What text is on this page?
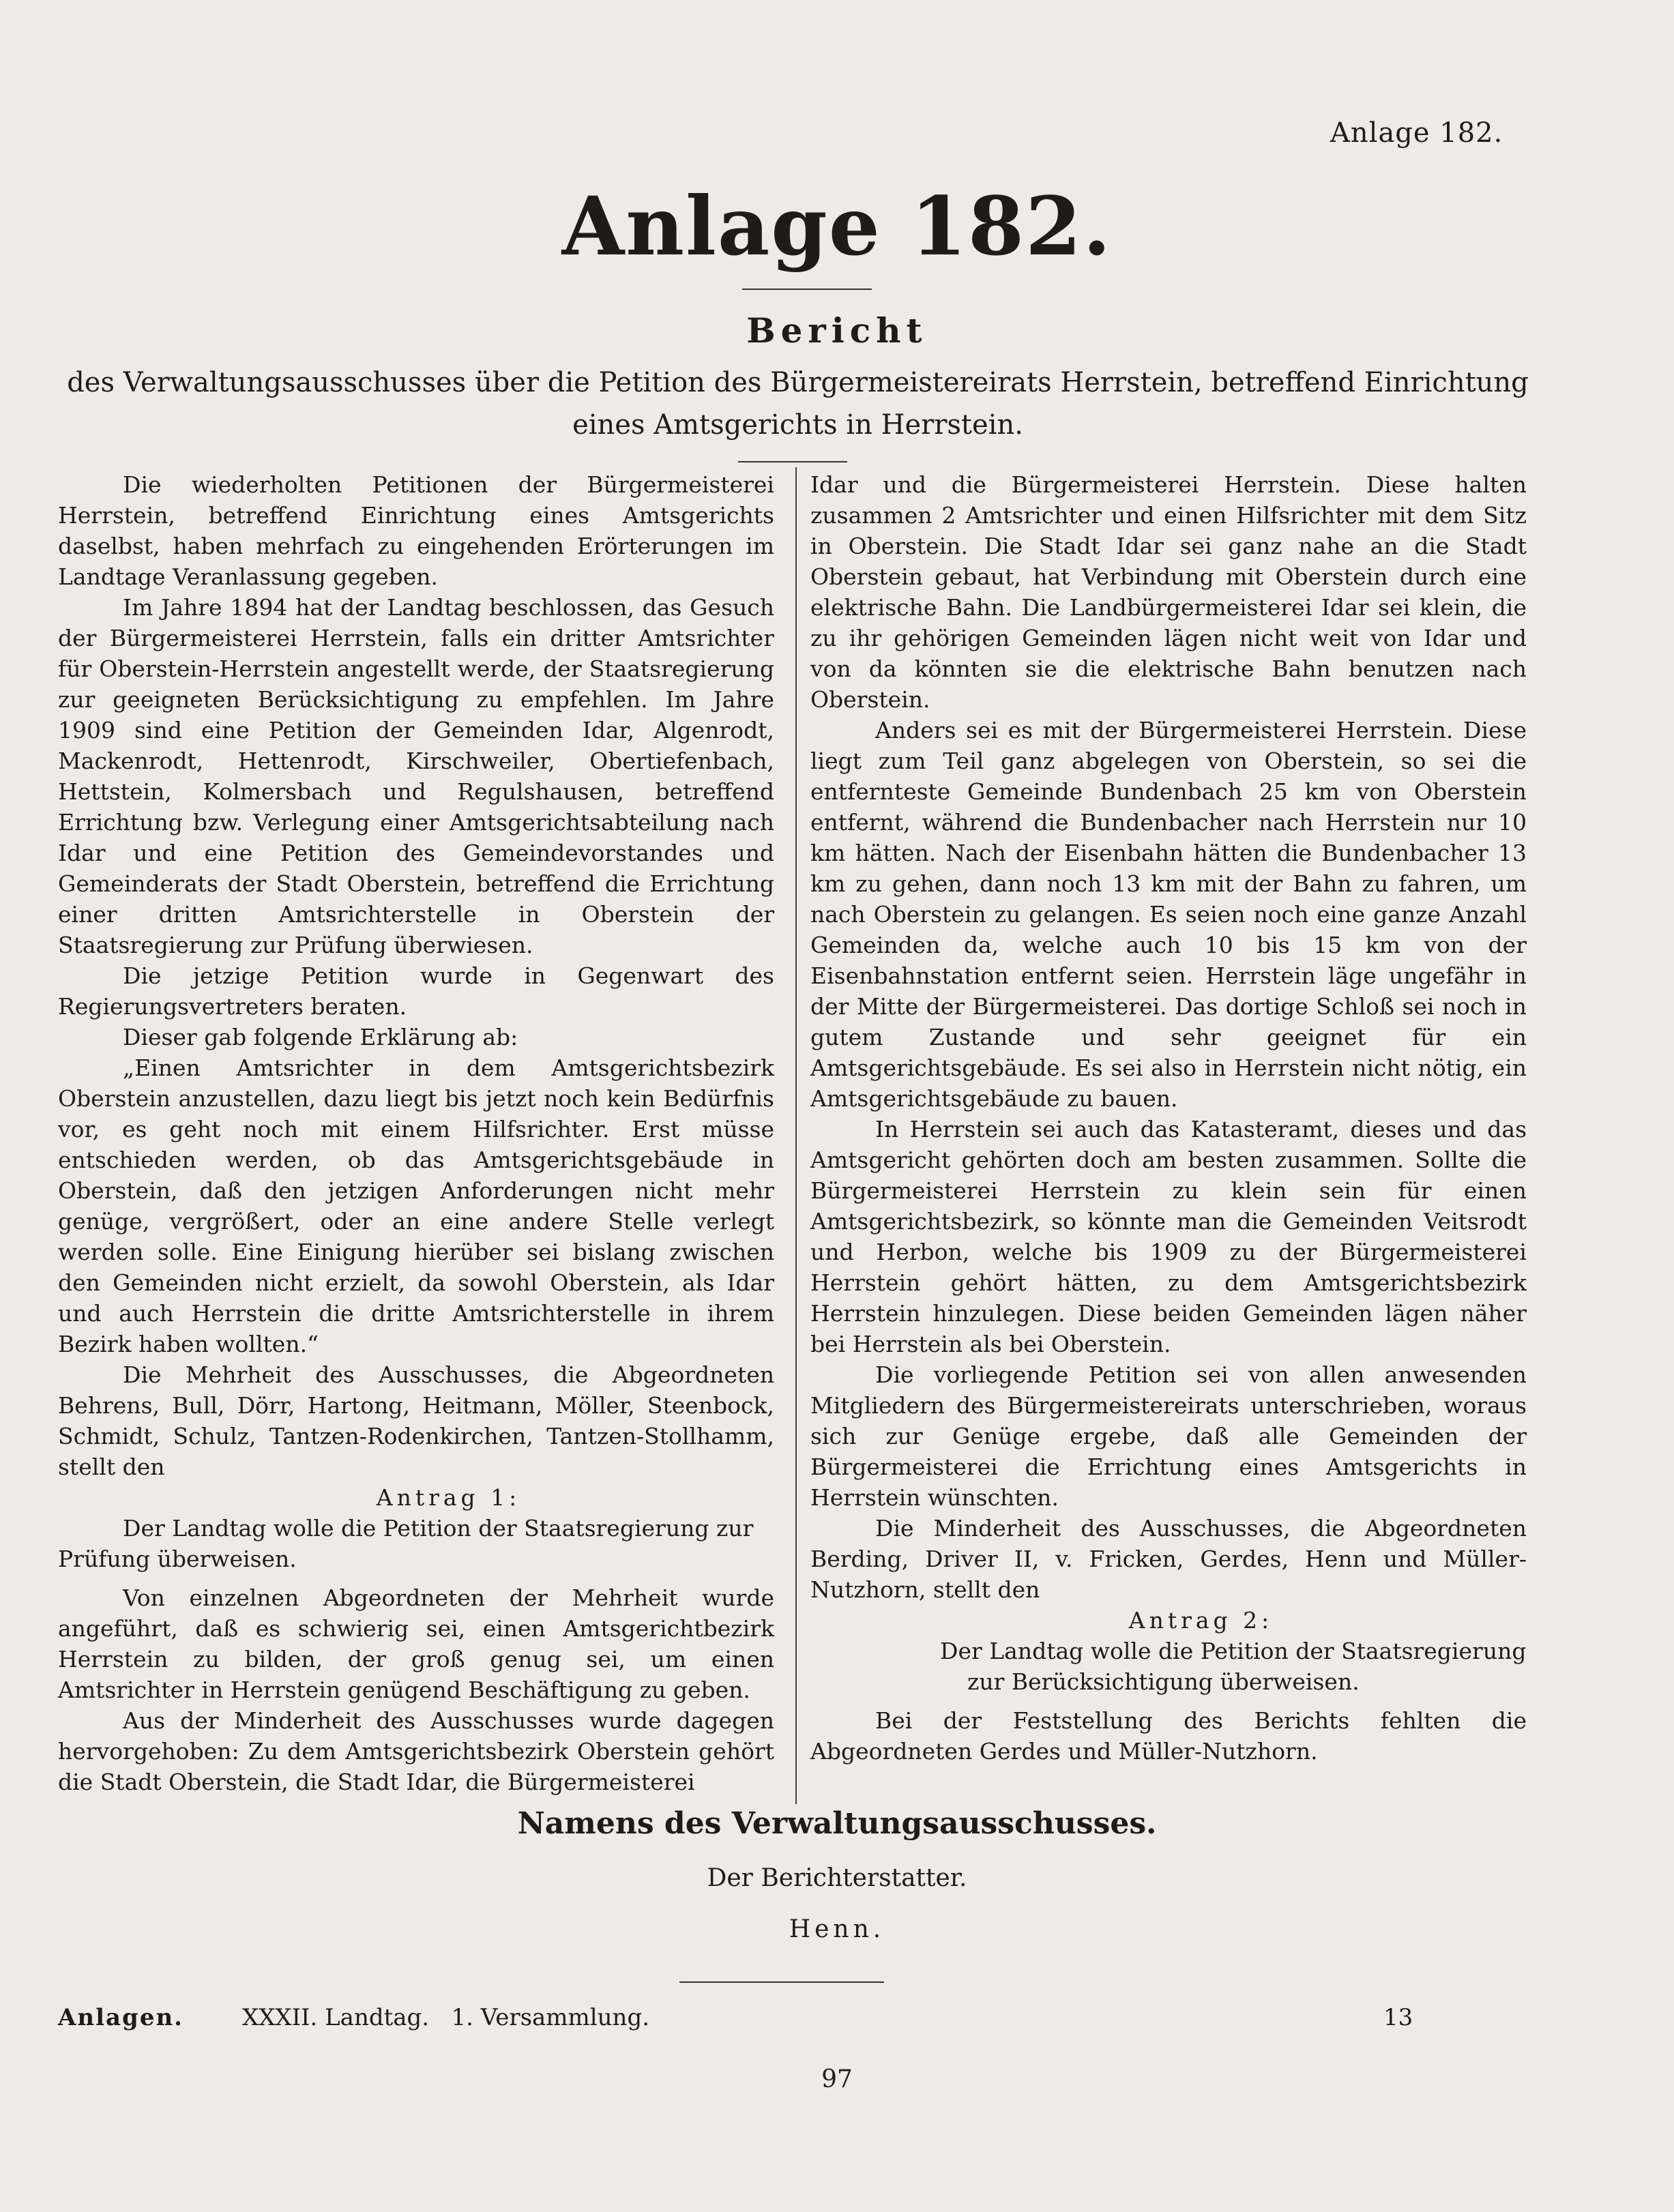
Anlage 182.
Anlage 182.
Bericht
des Verwaltungsausschusses über die Petition des Bürgermeistereirats Herrstein, betreffend Einrichtung eines Amtsgerichts in Herrstein.

Die wiederholten Petitionen der Bürgermeisterei Herrstein, betreffend Einrichtung eines Amtsgerichts daselbst, haben mehrfach zu eingehenden Erörterungen im Landtage Veranlassung gegeben.

Im Jahre 1894 hat der Landtag beschlossen, das Gesuch der Bürgermeisterei Herrstein, falls ein dritter Amtsrichter für Oberstein-Herrstein angestellt werde, der Staatsregierung zur geeigneten Berücksichtigung zu empfehlen. Im Jahre 1909 sind eine Petition der Gemeinden Idar, Algenrodt, Mackenrodt, Hettenrodt, Kirschweiler, Obertiefenbach, Hettstein, Kolmersbach und Regulshausen, betreffend Errichtung bzw. Verlegung einer Amtsgerichtsabteilung nach Idar und eine Petition des Gemeindevorstandes und Gemeinderats der Stadt Oberstein, betreffend die Errichtung einer dritten Amtsrichterstelle in Oberstein der Staatsregierung zur Prüfung überwiesen.

Die jetzige Petition wurde in Gegenwart des Regierungsvertreters beraten.

Dieser gab folgende Erklärung ab:

„Einen Amtsrichter in dem Amtsgerichtsbezirk Oberstein anzustellen, dazu liegt bis jetzt noch kein Bedürfnis vor, es geht noch mit einem Hilfsrichter. Erst müsse entschieden werden, ob das Amtsgerichtsgebäude in Oberstein, daß den jetzigen Anforderungen nicht mehr genüge, vergrößert, oder an eine andere Stelle verlegt werden solle. Eine Einigung hierüber sei bislang zwischen den Gemeinden nicht erzielt, da sowohl Oberstein, als Idar und auch Herrstein die dritte Amtsrichterstelle in ihrem Bezirk haben wollten.“

Die Mehrheit des Ausschusses, die Abgeordneten Behrens, Bull, Dörr, Hartong, Heitmann, Möller, Steenbock, Schmidt, Schulz, Tantzen-Rodenkirchen, Tantzen-Stollhamm, stellt den

Antrag 1:

Der Landtag wolle die Petition der Staatsregierung zur Prüfung überweisen.

Von einzelnen Abgeordneten der Mehrheit wurde angeführt, daß es schwierig sei, einen Amtsgerichtbezirk Herrstein zu bilden, der groß genug sei, um einen Amtsrichter in Herrstein genügend Beschäftigung zu geben.

Aus der Minderheit des Ausschusses wurde dagegen hervorgehoben: Zu dem Amtsgerichtsbezirk Oberstein gehört die Stadt Oberstein, die Stadt Idar, die Bürgermeisterei

Idar und die Bürgermeisterei Herrstein. Diese halten zusammen 2 Amtsrichter und einen Hilfsrichter mit dem Sitz in Oberstein. Die Stadt Idar sei ganz nahe an die Stadt Oberstein gebaut, hat Verbindung mit Oberstein durch eine elektrische Bahn. Die Landbürgermeisterei Idar sei klein, die zu ihr gehörigen Gemeinden lägen nicht weit von Idar und von da könnten sie die elektrische Bahn benutzen nach Oberstein.

Anders sei es mit der Bürgermeisterei Herrstein. Diese liegt zum Teil ganz abgelegen von Oberstein, so sei die entfernteste Gemeinde Bundenbach 25 km von Oberstein entfernt, während die Bundenbacher nach Herrstein nur 10 km hätten. Nach der Eisenbahn hätten die Bundenbacher 13 km zu gehen, dann noch 13 km mit der Bahn zu fahren, um nach Oberstein zu gelangen. Es seien noch eine ganze Anzahl Gemeinden da, welche auch 10 bis 15 km von der Eisenbahnstation entfernt seien. Herrstein läge ungefähr in der Mitte der Bürgermeisterei. Das dortige Schloß sei noch in gutem Zustande und sehr geeignet für ein Amtsgerichtsgebäude. Es sei also in Herrstein nicht nötig, ein Amtsgerichtsgebäude zu bauen.

In Herrstein sei auch das Katasteramt, dieses und das Amtsgericht gehörten doch am besten zusammen. Sollte die Bürgermeisterei Herrstein zu klein sein für einen Amtsgerichtsbezirk, so könnte man die Gemeinden Veitsrodt und Herbon, welche bis 1909 zu der Bürgermeisterei Herrstein gehört hätten, zu dem Amtsgerichtsbezirk Herrstein hinzulegen. Diese beiden Gemeinden lägen näher bei Herrstein als bei Oberstein.

Die vorliegende Petition sei von allen anwesenden Mitgliedern des Bürgermeistereirats unterschrieben, woraus sich zur Genüge ergebe, daß alle Gemeinden der Bürgermeisterei die Errichtung eines Amtsgerichts in Herrstein wünschten.

Die Minderheit des Ausschusses, die Abgeordneten Berding, Driver II, v. Fricken, Gerdes, Henn und Müller-Nutzhorn, stellt den

Antrag 2:

Der Landtag wolle die Petition der Staatsregierung zur Berücksichtigung überweisen.

Bei der Feststellung des Berichts fehlten die Abgeordneten Gerdes und Müller-Nutzhorn.

Namens des Verwaltungsausschusses.
Der Berichterstatter.
Henn.
Anlagen.	XXXII. Landtag.   1. Versammlung.	13
97
